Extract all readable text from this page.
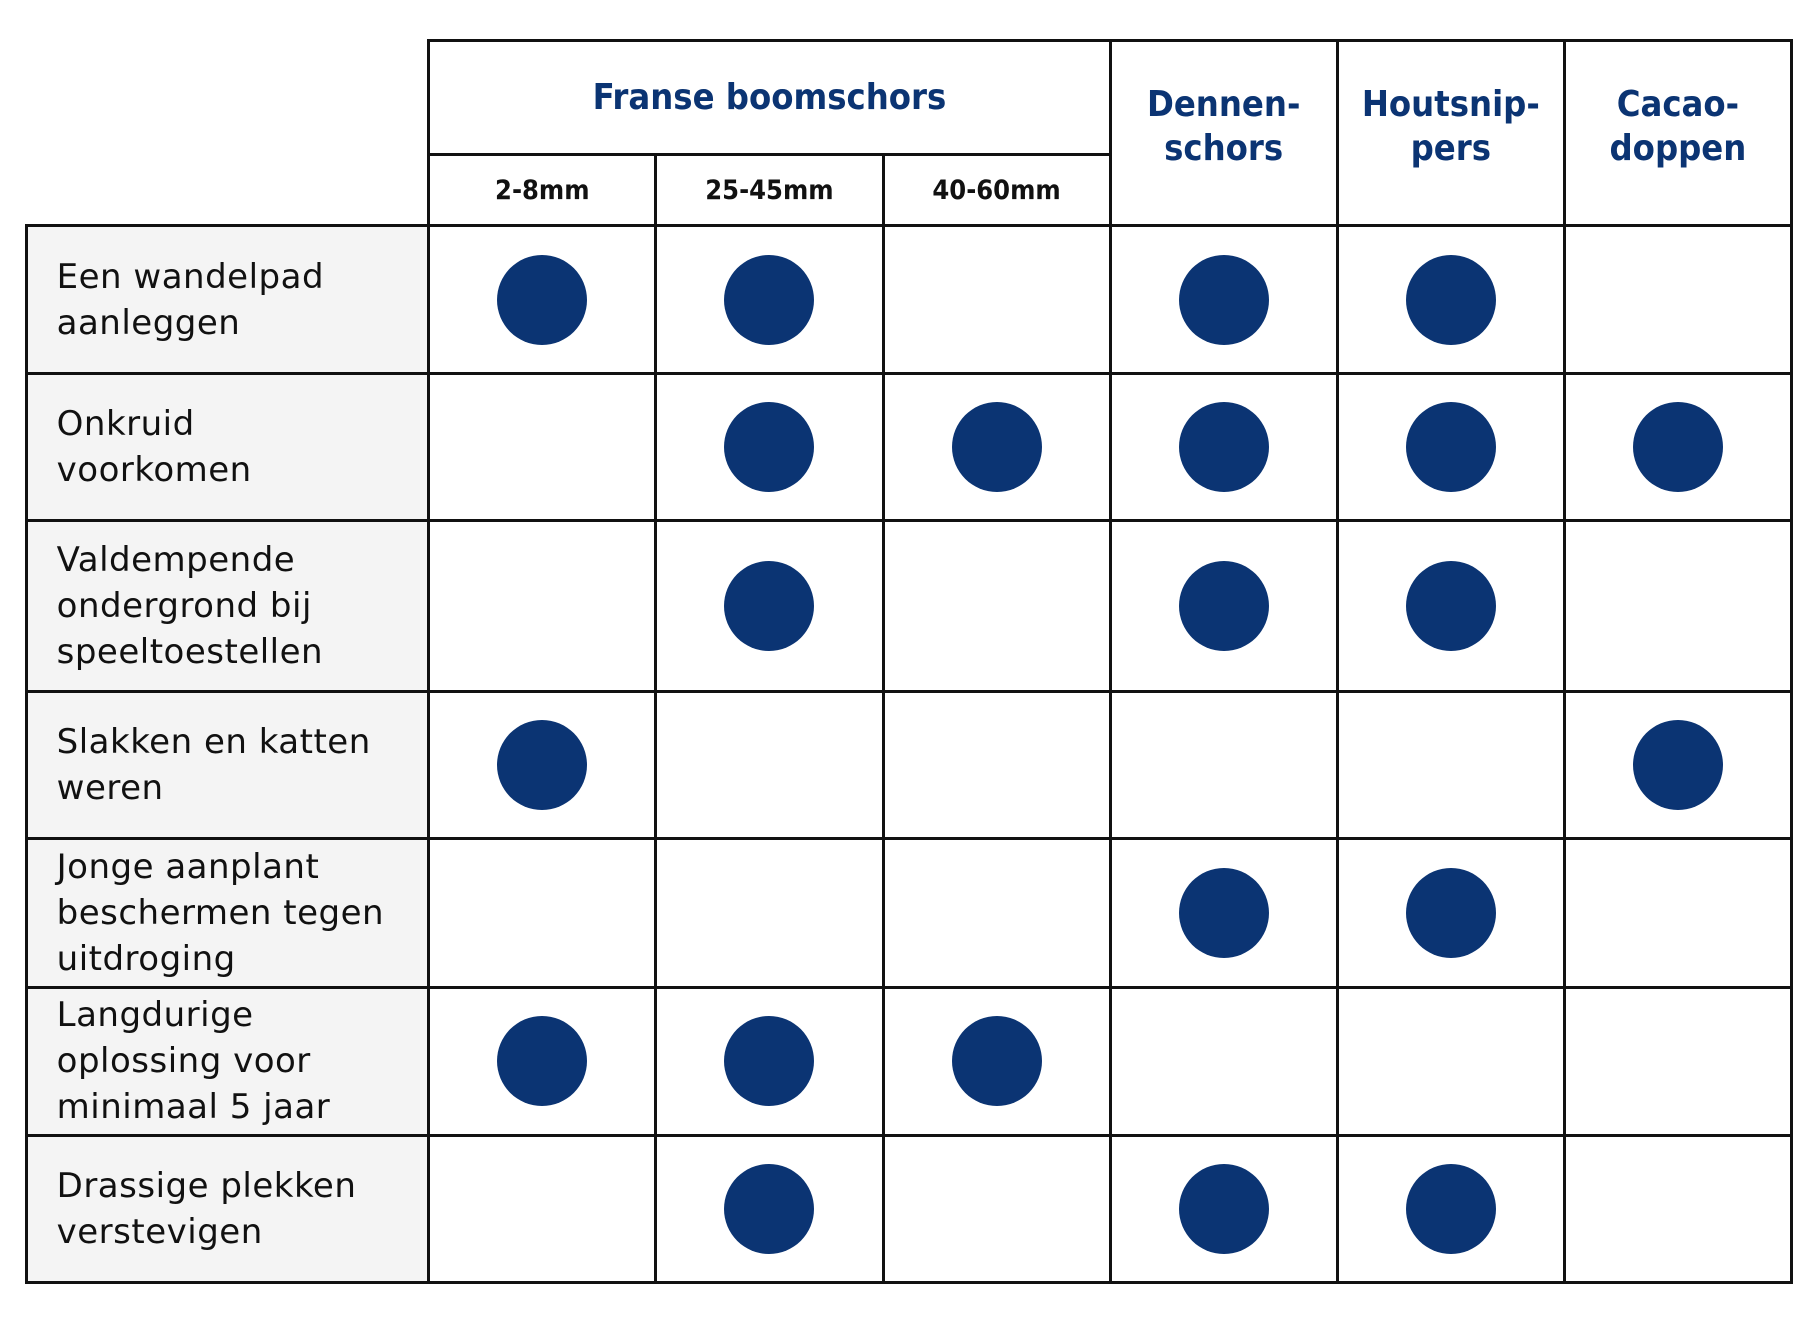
Een wandelpad
aanleggen
Onkruid
voorkomen
Valdempende
ondergrond bij
speeltoestellen
Slakken en katten
weren
Jonge aanplant
beschermen tegen
uitdroging
Langdurige
oplossing voor
minimaal 5 jaar
Drassige plekken
verstevigen
Franse boomschors
2-8mm	25-45mm	40-60mm
Dennen-
schors
Houtsnip-
pers
Cacao-
doppen
